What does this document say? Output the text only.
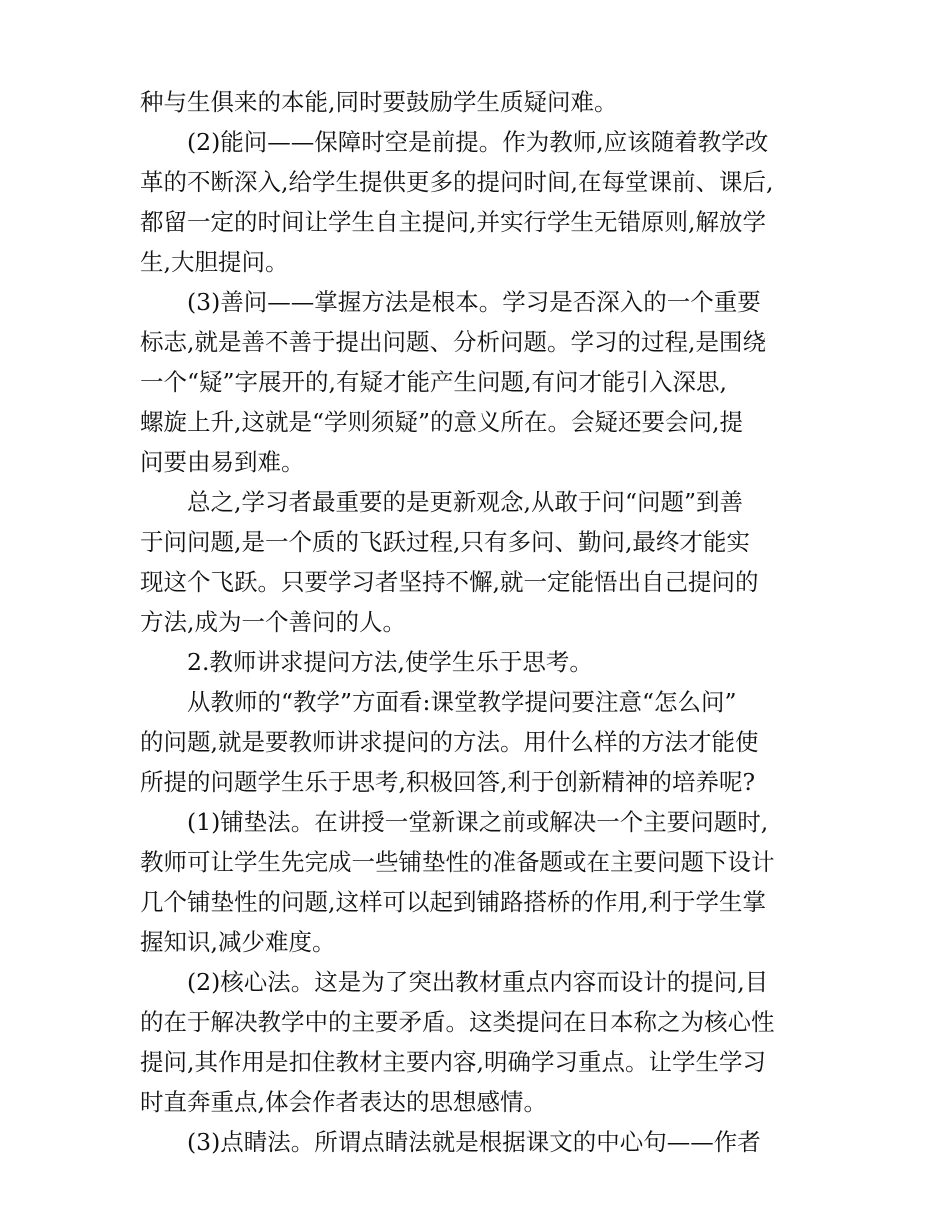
种与生俱来的本能,同时要鼓励学生质疑问难。
(2)能问——保障时空是前提。作为教师,应该随着教学改
革的不断深入,给学生提供更多的提问时间,在每堂课前、课后,
都留一定的时间让学生自主提问,并实行学生无错原则,解放学
生,大胆提问。
(3)善问——掌握方法是根本。学习是否深入的一个重要
标志,就是善不善于提出问题、分析问题。学习的过程,是围绕
一个“疑”字展开的,有疑才能产生问题,有问才能引入深思,
螺旋上升,这就是“学则须疑”的意义所在。会疑还要会问,提
问要由易到难。
总之,学习者最重要的是更新观念,从敢于问“问题”到善
于问问题,是一个质的飞跃过程,只有多问、勤问,最终才能实
现这个飞跃。只要学习者坚持不懈,就一定能悟出自己提问的
方法,成为一个善问的人。
2.教师讲求提问方法,使学生乐于思考。
从教师的“教学”方面看:课堂教学提问要注意“怎么问”
的问题,就是要教师讲求提问的方法。用什么样的方法才能使
所提的问题学生乐于思考,积极回答,利于创新精神的培养呢?
(1)铺垫法。在讲授一堂新课之前或解决一个主要问题时,
教师可让学生先完成一些铺垫性的准备题或在主要问题下设计
几个铺垫性的问题,这样可以起到铺路搭桥的作用,利于学生掌
握知识,减少难度。
(2)核心法。这是为了突出教材重点内容而设计的提问,目
的在于解决教学中的主要矛盾。这类提问在日本称之为核心性
提问,其作用是扣住教材主要内容,明确学习重点。让学生学习
时直奔重点,体会作者表达的思想感情。
(3)点睛法。所谓点睛法就是根据课文的中心句——作者
